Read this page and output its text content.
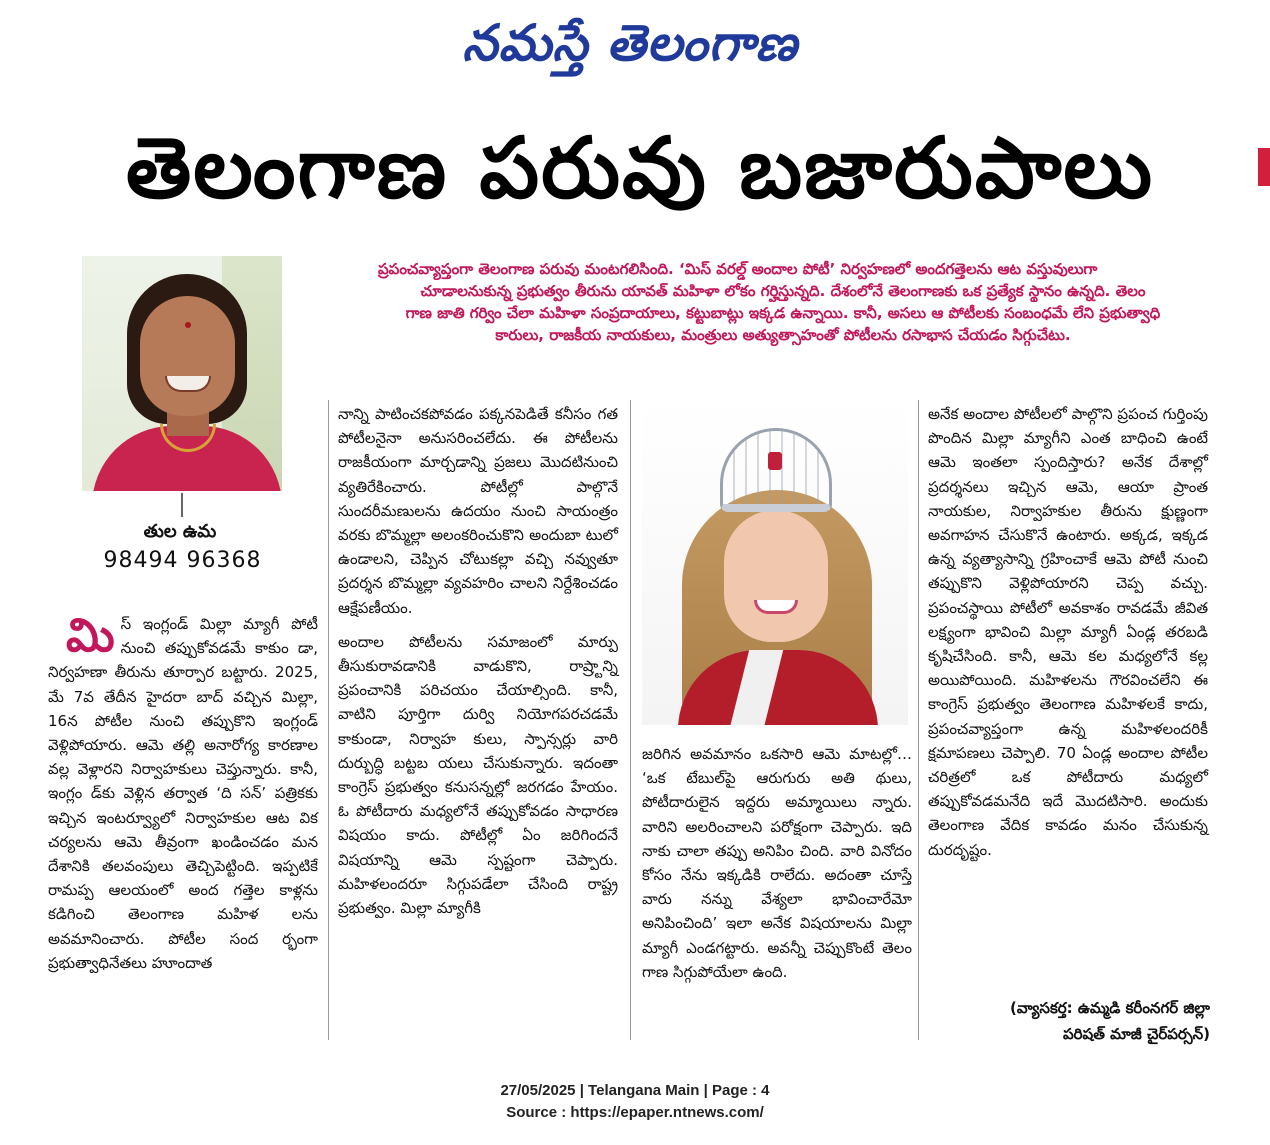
నమస్తే తెలంగాణ
తెలంగాణ పరువు బజారుపాలు
తుల ఉమ
98494 96368

ప్రపంచవ్యాప్తంగా తెలంగాణ పరువు మంటగలిసింది. ‘మిస్ వరల్డ్ అందాల పోటీ’ నిర్వహణలో అందగత్తెలను ఆట వస్తువులుగా

చూడాలనుకున్న ప్రభుత్వం తీరును యావత్ మహిళా లోకం గర్హిస్తున్నది. దేశంలోనే తెలంగాణకు ఒక ప్రత్యేక స్థానం ఉన్నది. తెలం

గాణ జాతి గర్విం చేలా మహిళా సంప్రదాయాలు, కట్టుబాట్లు ఇక్కడ ఉన్నాయి. కానీ, అసలు ఆ పోటీలకు సంబంధమే లేని ప్రభుత్వాధి

కారులు, రాజకీయ నాయకులు, మంత్రులు అత్యుత్సాహంతో పోటీలను రసాభాస చేయడం సిగ్గుచేటు.

మిస్ ఇంగ్లండ్ మిల్లా మ్యాగీ పోటీ నుంచి తప్పుకోవడమే కాకుం డా, నిర్వహణా తీరును తూర్పార బట్టారు. 2025, మే 7వ తేదీన హైదరా బాద్ వచ్చిన మిల్లా, 16న పోటీల నుంచి తప్పుకొని ఇంగ్లండ్ వెళ్లిపోయారు. ఆమె తల్లి అనారోగ్య కారణాల వల్ల వెళ్లారని నిర్వాహకులు చెప్తున్నారు. కానీ, ఇంగ్లం డ్‌కు వెళ్లిన తర్వాత ‘ది సన్’ పత్రికకు ఇచ్చిన ఇంటర్వ్యూలో నిర్వాహకుల ఆట విక చర్యలను ఆమె తీవ్రంగా ఖండించడం మన దేశానికి తలవంపులు తెచ్చిపెట్టింది. ఇప్పటికే రామప్ప ఆలయంలో అంద గత్తెల కాళ్లను కడిగించి తెలంగాణ మహిళ లను అవమానించారు. పోటీల సంద ర్భంగా ప్రభుత్వాధినేతలు హూందాత

నాన్ని పాటించకపోవడం పక్కనపెడితే కనీసం గత పోటీలనైనా అనుసరించలేదు. ఈ పోటీలను రాజకీయంగా మార్చడాన్ని ప్రజలు మొదటినుంచి వ్యతిరేకించారు. పోటీల్లో పాల్గొనే సుందరీమణులను ఉదయం నుంచి సాయంత్రం వరకు బొమ్మల్లా అలంకరించుకొని అందుబా టులో ఉండాలని, చెప్పిన చోటుకల్లా వచ్చి నవ్వుతూ ప్రదర్శన బొమ్మల్లా వ్యవహరిం చాలని నిర్దేశించడం ఆక్షేపణీయం.

అందాల పోటీలను సమాజంలో మార్పు తీసుకురావడానికి వాడుకొని, రాష్ర్టాన్ని ప్రపంచానికి పరిచయం చేయాల్సింది. కానీ, వాటిని పూర్తిగా దుర్వి నియోగపరచడమే కాకుండా, నిర్వాహ కులు, స్పాన్సర్లు వారి దుర్బుద్ధి బట్టబ యలు చేసుకున్నారు. ఇదంతా కాంగ్రెస్ ప్రభుత్వం కనుసన్నల్లో జరగడం హేయం. ఓ పోటీదారు మధ్యలోనే తప్పుకోవడం సాధారణ విషయం కాదు. పోటీల్లో ఏం జరిగిందనే విషయాన్ని ఆమె స్పష్టంగా చెప్పారు. మహిళలందరూ సిగ్గుపడేలా చేసింది రాష్ట్ర ప్రభుత్వం. మిల్లా మ్యాగీకి

జరిగిన అవమానం ఒకసారి ఆమె మాటల్లో… ‘ఒక టేబుల్‌పై ఆరుగురు అతి థులు, పోటీదారులైన ఇద్దరు అమ్మాయిలు న్నారు. వారిని అలరించాలని పరోక్షంగా చెప్పారు. ఇది నాకు చాలా తప్పు అనిపిం చింది. వారి వినోదం కోసం నేను ఇక్కడికి రాలేదు. అదంతా చూస్తే వారు నన్ను వేశ్యలా భావించారేమో అనిపించింది’ ఇలా అనేక విషయాలను మిల్లా మ్యాగీ ఎండగట్టారు. అవన్నీ చెప్పుకొంటే తెలం గాణ సిగ్గుపోయేలా ఉంది.

అనేక అందాల పోటీలలో పాల్గొని ప్రపంచ గుర్తింపు పొందిన మిల్లా మ్యాగీని ఎంత బాధించి ఉంటే ఆమె ఇంతలా స్పందిస్తారు? అనేక దేశాల్లో ప్రదర్శనలు ఇచ్చిన ఆమె, ఆయా ప్రాంత నాయకుల, నిర్వాహకుల తీరును క్షుణ్ణంగా అవగాహన చేసుకొనే ఉంటారు. అక్కడ, ఇక్కడ ఉన్న వ్యత్యాసాన్ని గ్రహించాకే ఆమె పోటీ నుంచి తప్పుకొని వెళ్లిపోయారని చెప్ప వచ్చు. ప్రపంచస్థాయి పోటీలో అవకాశం రావడమే జీవిత లక్ష్యంగా భావించి మిల్లా మ్యాగీ ఏండ్ల తరబడి కృషిచేసింది. కానీ, ఆమె కల మధ్యలోనే కల్ల అయిపోయింది. మహిళలను గౌరవించలేని ఈ కాంగ్రెస్ ప్రభుత్వం తెలంగాణ మహిళలకే కాదు, ప్రపంచవ్యాప్తంగా ఉన్న మహిళలందరికీ క్షమాపణలు చెప్పాలి. 70 ఏండ్ల అందాల పోటీల చరిత్రలో ఒక పోటీదారు మధ్యలో తప్పుకోవడమనేది ఇదే మొదటిసారి. అందుకు తెలంగాణ వేదిక కావడం మనం చేసుకున్న దురదృష్టం.

(వ్యాసకర్త: ఉమ్మడి కరీంనగర్ జిల్లా
పరిషత్ మాజీ చైర్‌పర్సన్)
27/05/2025 | Telangana Main | Page : 4
Source : https://epaper.ntnews.com/
